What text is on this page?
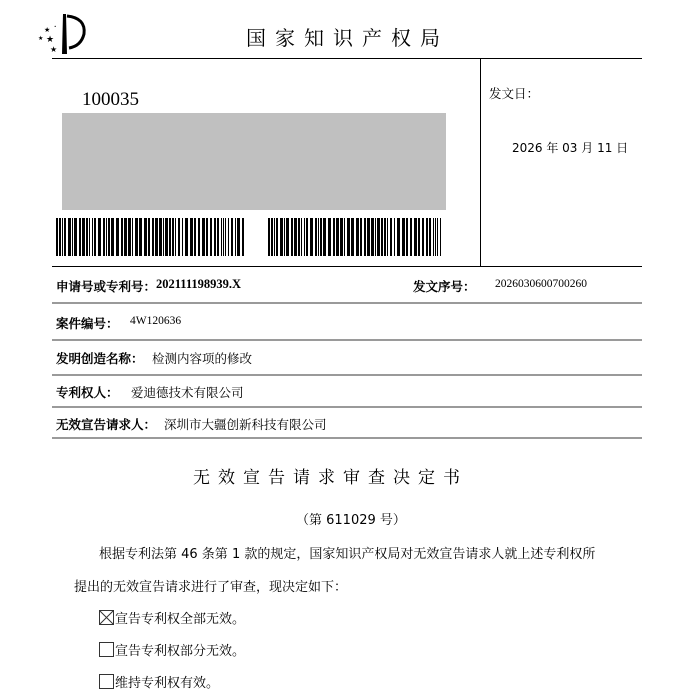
★
★ ★
★
•	国家知识产权局
100035	发文日：
2026 年 03 月 11 日
申请号或专利号： 202111198939.X	发文序号： 2026030600700260
案件编号： 4W120636
发明创造名称： 检测内容项的修改
专利权人： 爱迪德技术有限公司
无效宣告请求人： 深圳市大疆创新科技有限公司
无效宣告请求审查决定书
（第 611029 号）
根据专利法第 46 条第 1 款的规定，国家知识产权局对无效宣告请求人就上述专利权所
提出的无效宣告请求进行了审查，现决定如下：
宣告专利权全部无效。
宣告专利权部分无效。
维持专利权有效。
